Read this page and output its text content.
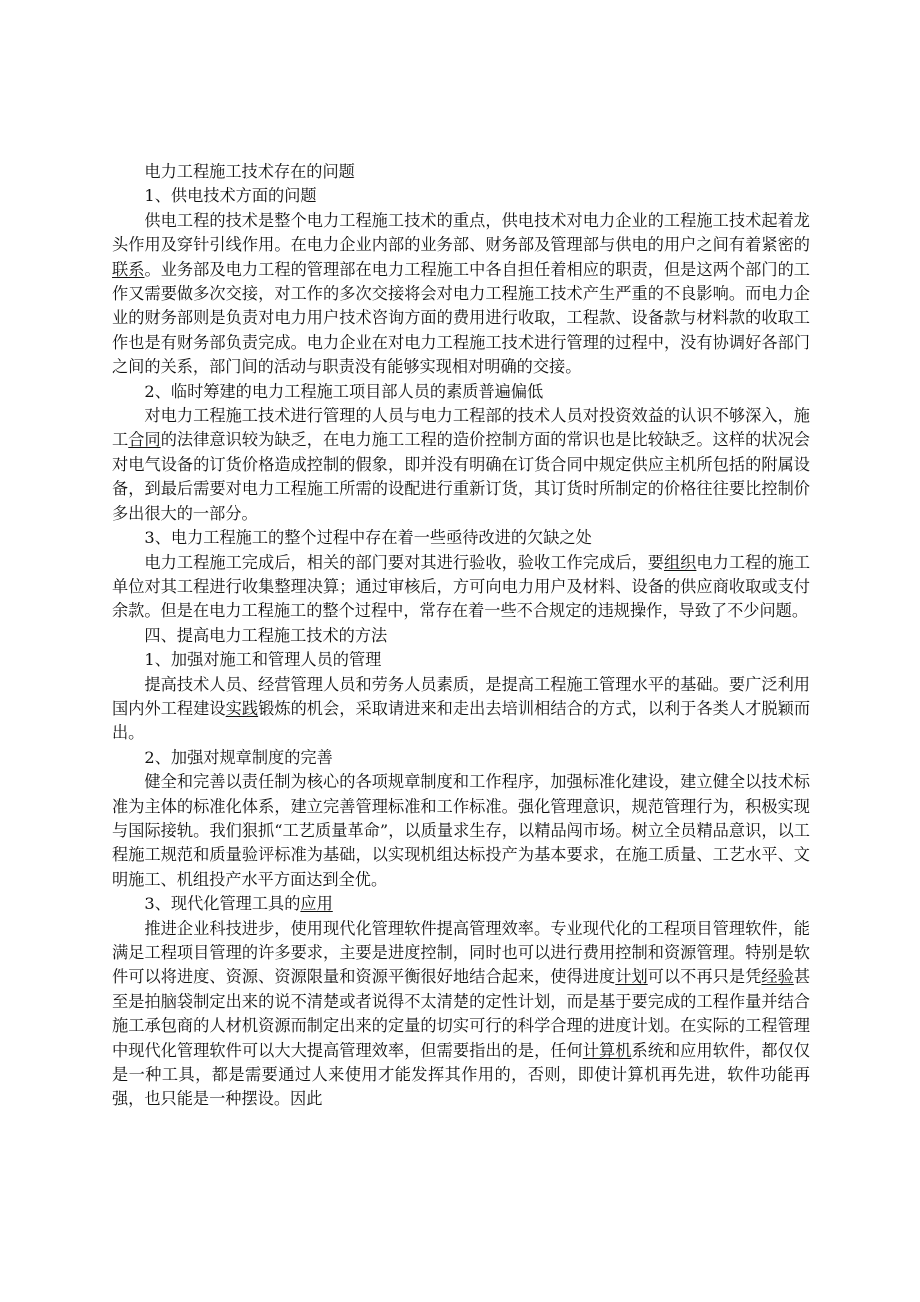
电力工程施工技术存在的问题

1、供电技术方面的问题

供电工程的技术是整个电力工程施工技术的重点，供电技术对电力企业的工程施工技术起着龙头作用及穿针引线作用。在电力企业内部的业务部、财务部及管理部与供电的用户之间有着紧密的联系。业务部及电力工程的管理部在电力工程施工中各自担任着相应的职责，但是这两个部门的工作又需要做多次交接，对工作的多次交接将会对电力工程施工技术产生严重的不良影响。而电力企业的财务部则是负责对电力用户技术咨询方面的费用进行收取，工程款、设备款与材料款的收取工作也是有财务部负责完成。电力企业在对电力工程施工技术进行管理的过程中，没有协调好各部门之间的关系，部门间的活动与职责没有能够实现相对明确的交接。

2、临时筹建的电力工程施工项目部人员的素质普遍偏低

对电力工程施工技术进行管理的人员与电力工程部的技术人员对投资效益的认识不够深入，施工合同的法律意识较为缺乏，在电力施工工程的造价控制方面的常识也是比较缺乏。这样的状况会对电气设备的订货价格造成控制的假象，即并没有明确在订货合同中规定供应主机所包括的附属设备，到最后需要对电力工程施工所需的设配进行重新订货，其订货时所制定的价格往往要比控制价多出很大的一部分。

3、电力工程施工的整个过程中存在着一些亟待改进的欠缺之处

电力工程施工完成后，相关的部门要对其进行验收，验收工作完成后，要组织电力工程的施工单位对其工程进行收集整理决算；通过审核后，方可向电力用户及材料、设备的供应商收取或支付余款。但是在电力工程施工的整个过程中，常存在着一些不合规定的违规操作，导致了不少问题。

四、提高电力工程施工技术的方法

1、加强对施工和管理人员的管理

提高技术人员、经营管理人员和劳务人员素质，是提高工程施工管理水平的基础。要广泛利用国内外工程建设实践锻炼的机会，采取请进来和走出去培训相结合的方式，以利于各类人才脱颖而出。

2、加强对规章制度的完善

健全和完善以责任制为核心的各项规章制度和工作程序，加强标准化建设，建立健全以技术标准为主体的标准化体系，建立完善管理标准和工作标准。强化管理意识，规范管理行为，积极实现与国际接轨。我们狠抓“工艺质量革命”，以质量求生存，以精品闯市场。树立全员精品意识，以工程施工规范和质量验评标准为基础，以实现机组达标投产为基本要求，在施工质量、工艺水平、文明施工、机组投产水平方面达到全优。

3、现代化管理工具的应用

推进企业科技进步，使用现代化管理软件提高管理效率。专业现代化的工程项目管理软件，能满足工程项目管理的许多要求，主要是进度控制，同时也可以进行费用控制和资源管理。特别是软件可以将进度、资源、资源限量和资源平衡很好地结合起来，使得进度计划可以不再只是凭经验甚至是拍脑袋制定出来的说不清楚或者说得不太清楚的定性计划，而是基于要完成的工程作量并结合施工承包商的人材机资源而制定出来的定量的切实可行的科学合理的进度计划。在实际的工程管理中现代化管理软件可以大大提高管理效率，但需要指出的是，任何计算机系统和应用软件，都仅仅是一种工具，都是需要通过人来使用才能发挥其作用的，否则，即使计算机再先进，软件功能再强，也只能是一种摆设。因此
